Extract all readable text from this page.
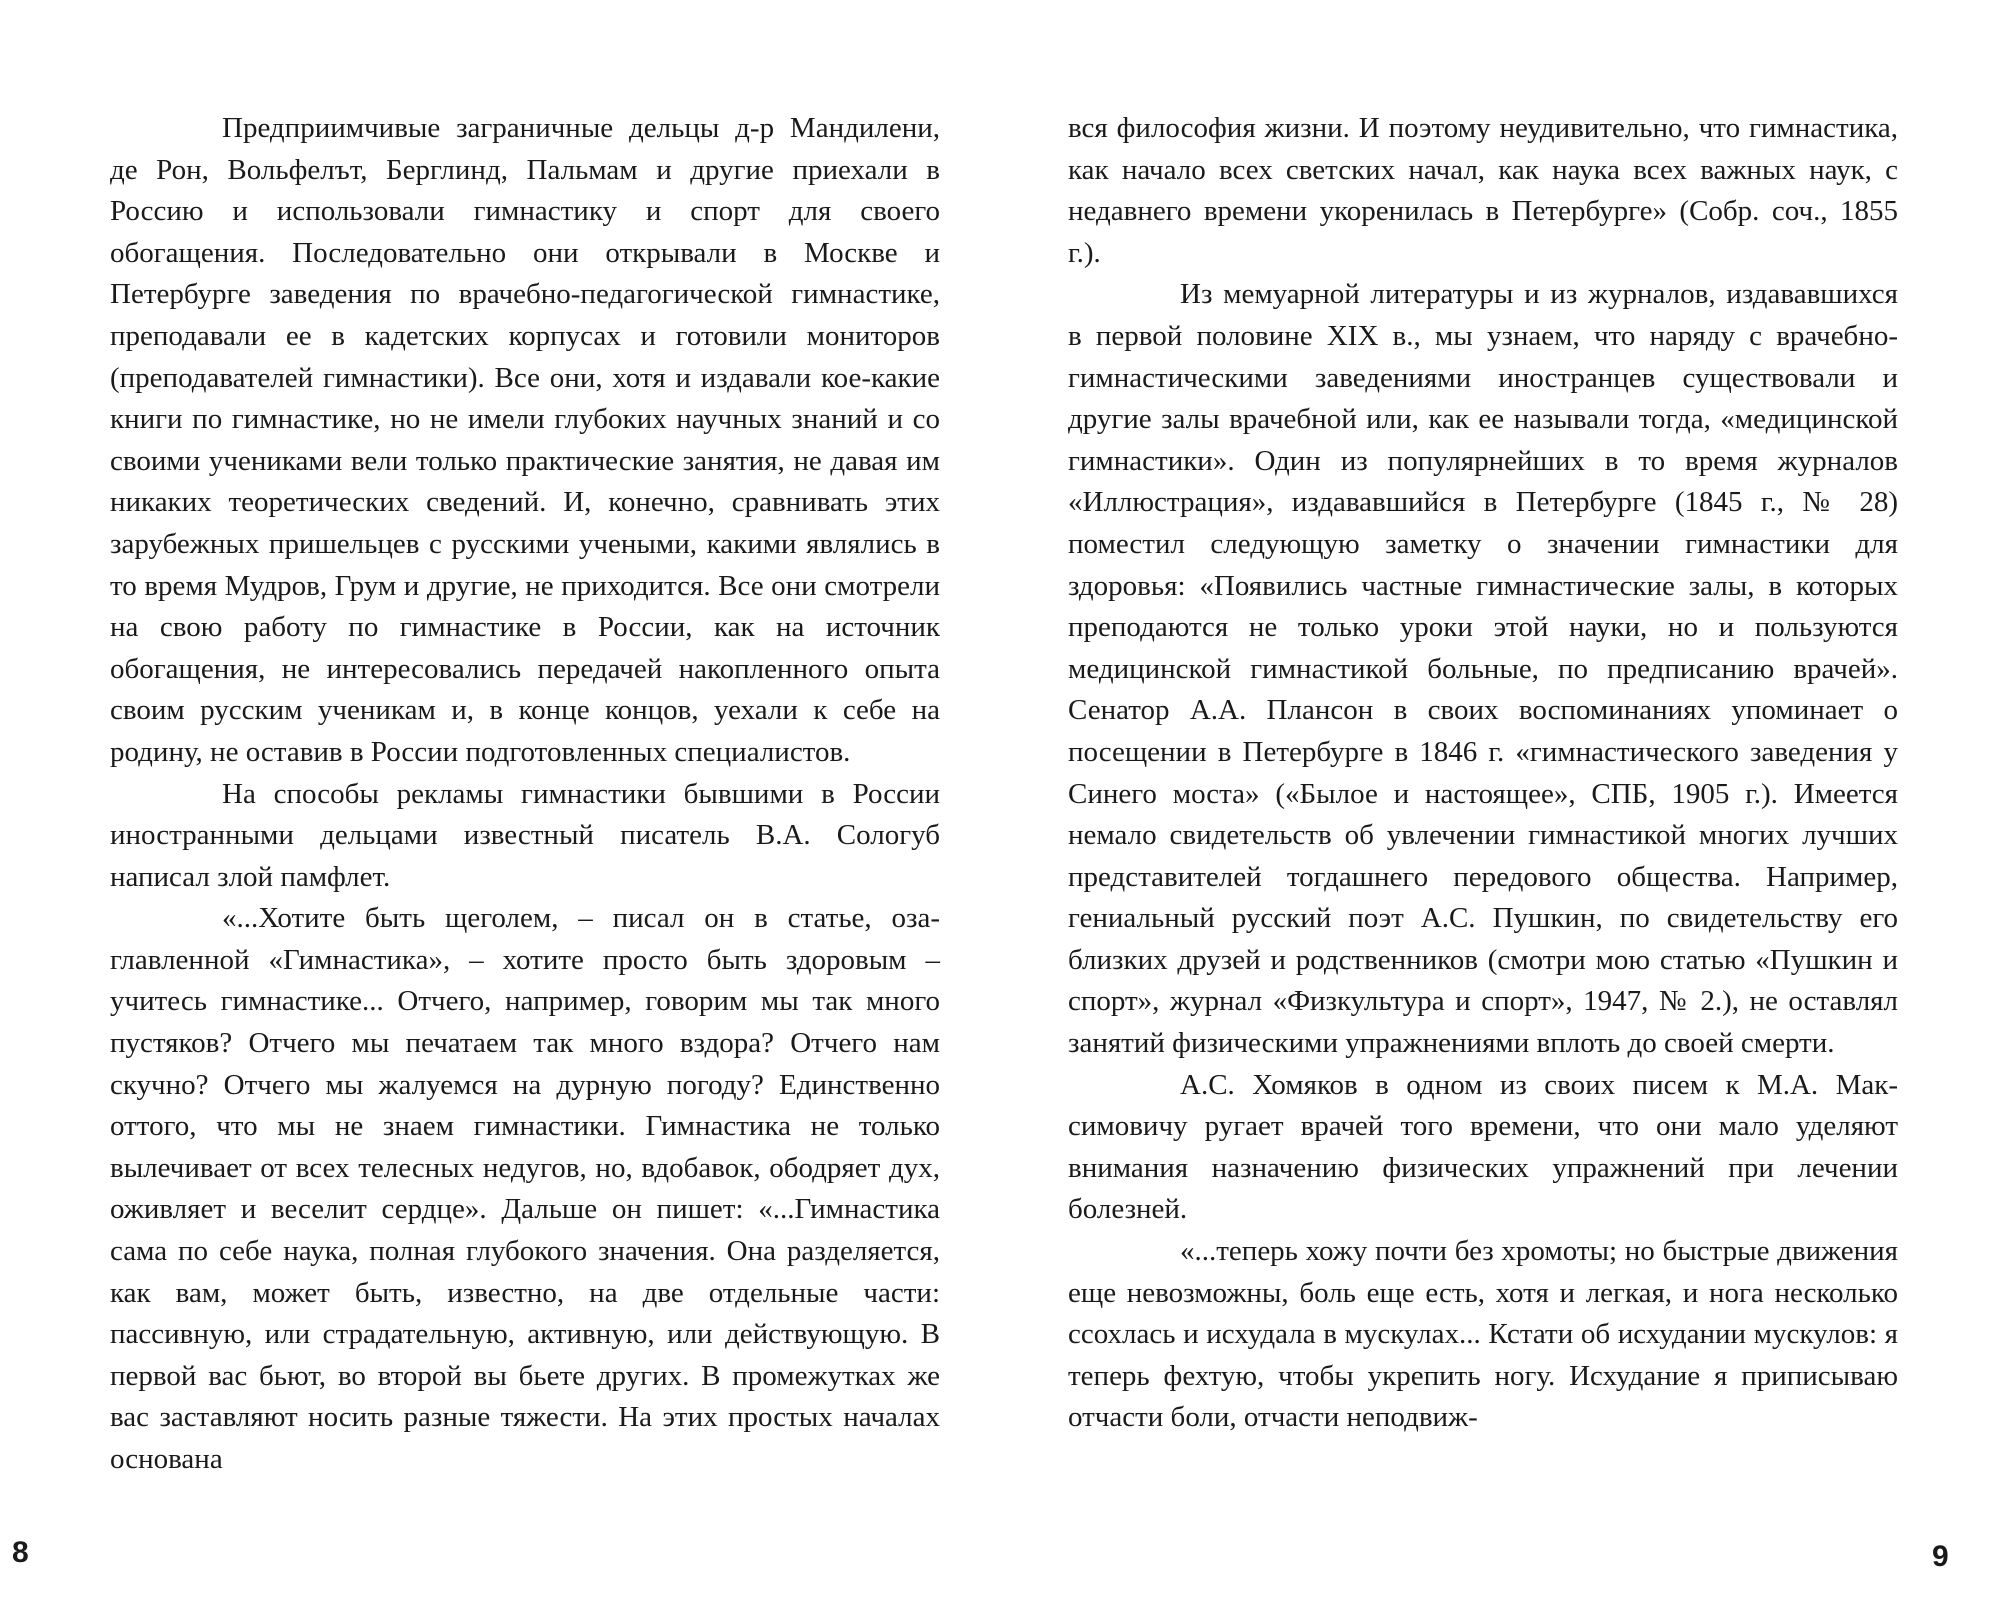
Предприимчивые заграничные дельцы д-р Мандилени, де Рон, Вольфелът, Берглинд, Пальмам и другие приехали в Россию и использовали гимнастику и спорт для своего обогащения. Последовательно они открывали в Москве и Петербурге заведения по врачебно-педагогической гимнастике, преподавали ее в кадетских корпусах и готовили мониторов (преподавателей гимнастики). Все они, хотя и издавали кое-какие книги по гимнастике, но не имели глубоких научных знаний и со своими учениками вели только практические занятия, не давая им никаких теоретических сведений. И, конечно, сравнивать этих зарубежных пришельцев с русскими учеными, какими являлись в то время Мудров, Грум и другие, не приходится. Все они смотрели на свою работу по гимнастике в России, как на источник обогащения, не интересовались передачей накопленного опыта своим русским ученикам и, в конце концов, уехали к себе на родину, не оставив в России подготовленных специалистов.

На способы рекламы гимнастики бывшими в России иностранными дельцами известный писатель В.А. Сологуб написал злой памфлет.

«...Хотите быть щеголем, – писал он в статье, озаглавленной «Гимнастика», – хотите просто быть здоровым – учитесь гимнастике... Отчего, например, говорим мы так много пустяков? Отчего мы печатаем так много вздора? Отчего нам скучно? Отчего мы жалуемся на дурную погоду? Единственно оттого, что мы не знаем гимнастики. Гимнастика не только вылечивает от всех телесных недугов, но, вдобавок, ободряет дух, оживляет и веселит сердце». Дальше он пишет: «...Гимнастика сама по себе наука, полная глубокого значения. Она разделяется, как вам, может быть, известно, на две отдельные части: пассивную, или страдательную, активную, или действующую. В первой вас бьют, во второй вы бьете других. В промежутках же вас заставляют носить разные тяжести. На этих простых началах основана

вся философия жизни. И поэтому неудивительно, что гимнастика, как начало всех светских начал, как наука всех важных наук, с недавнего времени укоренилась в Петербурге» (Собр. соч., 1855 г.).

Из мемуарной литературы и из журналов, издававшихся в первой половине XIX в., мы узнаем, что наряду с врачебно-гимнастическими заведениями иностранцев существовали и другие залы врачебной или, как ее называли тогда, «медицинской гимнастики». Один из популярнейших в то время журналов «Иллюстрация», издававшийся в Петербурге (1845 г., № 28) поместил следующую заметку о значении гимнастики для здоровья: «Появились частные гимнастические залы, в которых преподаются не только уроки этой науки, но и пользуются медицинской гимнастикой больные, по предписанию врачей». Сенатор А.А. Плансон в своих воспоминаниях упоминает о посещении в Петербурге в 1846 г. «гимнастического заведения у Синего моста» («Былое и настоящее», СПБ, 1905 г.). Имеется немало свидетельств об увлечении гимнастикой многих лучших представителей тогдашнего передового общества. Например, гениальный русский поэт А.С. Пушкин, по свидетельству его близких друзей и родственников (смотри мою статью «Пушкин и спорт», журнал «Физкультура и спорт», 1947, № 2.), не оставлял занятий физическими упражнениями вплоть до своей смерти.

А.С. Хомяков в одном из своих писем к М.А. Максимовичу ругает врачей того времени, что они мало уделяют внимания назначению физических упражнений при лечении болезней.

«...теперь хожу почти без хромоты; но быстрые движения еще невозможны, боль еще есть, хотя и легкая, и нога несколько ссохлась и исхудала в мускулах... Кстати об исхудании мускулов: я теперь фехтую, чтобы укрепить ногу. Исхудание я приписываю отчасти боли, отчасти неподвиж-

8	9
